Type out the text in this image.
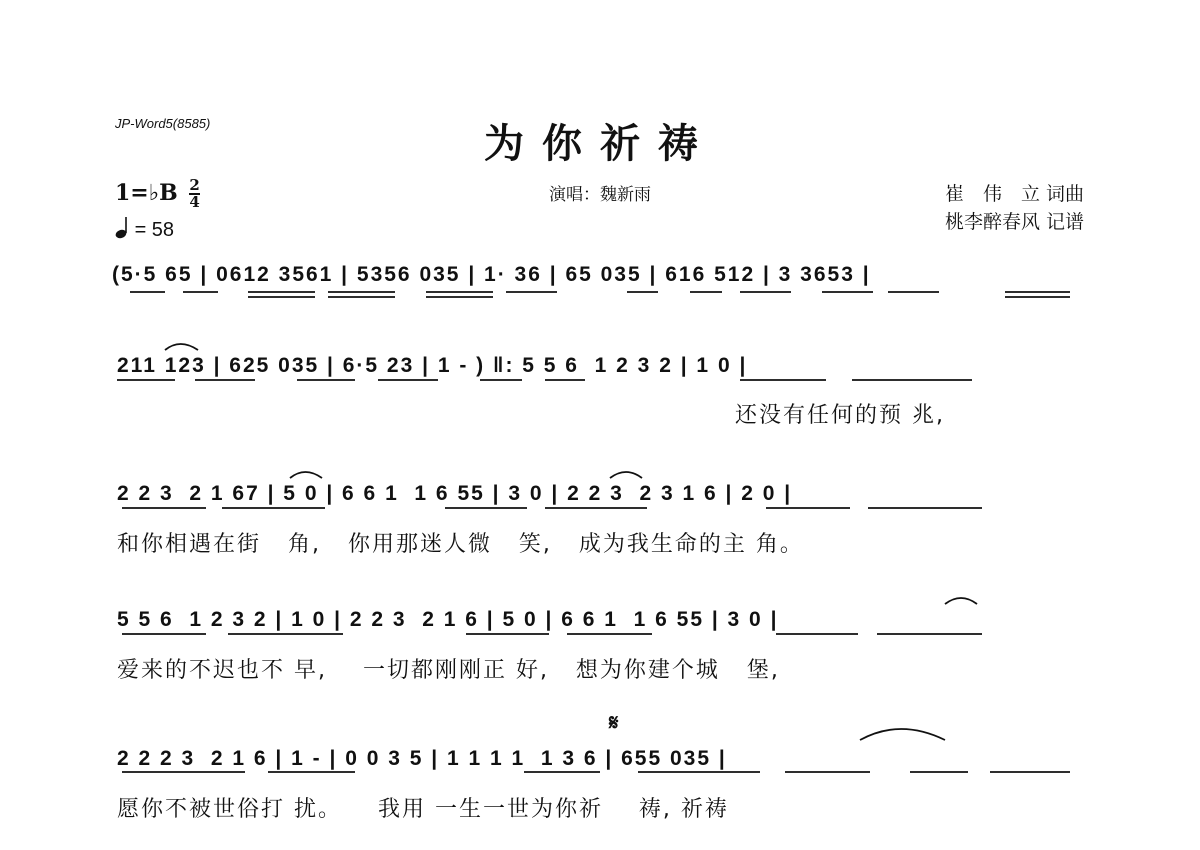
JP-Word5(8585)	为你祈祷
演唱：魏新雨
1=♭B $\frac{2}{4}$
= 58
崔　伟　立 词曲
桃李醉春风 记谱
(5·5 65 | 0612 3561 | 5356 035 | 1· 36 | 65 035 | 616 512 | 3 3653 |
211 123 | 625 035 | 6·5 23 | 1 - ) ‖: 5 5 6  1 2 3 2 | 1 0 |
还没有任何的预 兆,
2 2 3  2 1 67 | 5 0 | 6 6 1  1 6 55 | 3 0 | 2 2 3  2 3 1 6 | 2 0 |
和你相遇在街   角,   你用那迷人微   笑,   成为我生命的主 角。
5 5 6  1 2 3 2 | 1 0 | 2 2 3  2 1 6 | 5 0 | 6 6 1  1 6 55 | 3 0 |
爱来的不迟也不 早,    一切都刚刚正 好,   想为你建个城   堡,
𝄋
2 2 2 3  2 1 6 | 1 - | 0 0 3 5 | 1 1 1 1  1 3 6 | 655 035 |
愿你不被世俗打 扰。    我用 一生一世为你祈    祷, 祈祷
